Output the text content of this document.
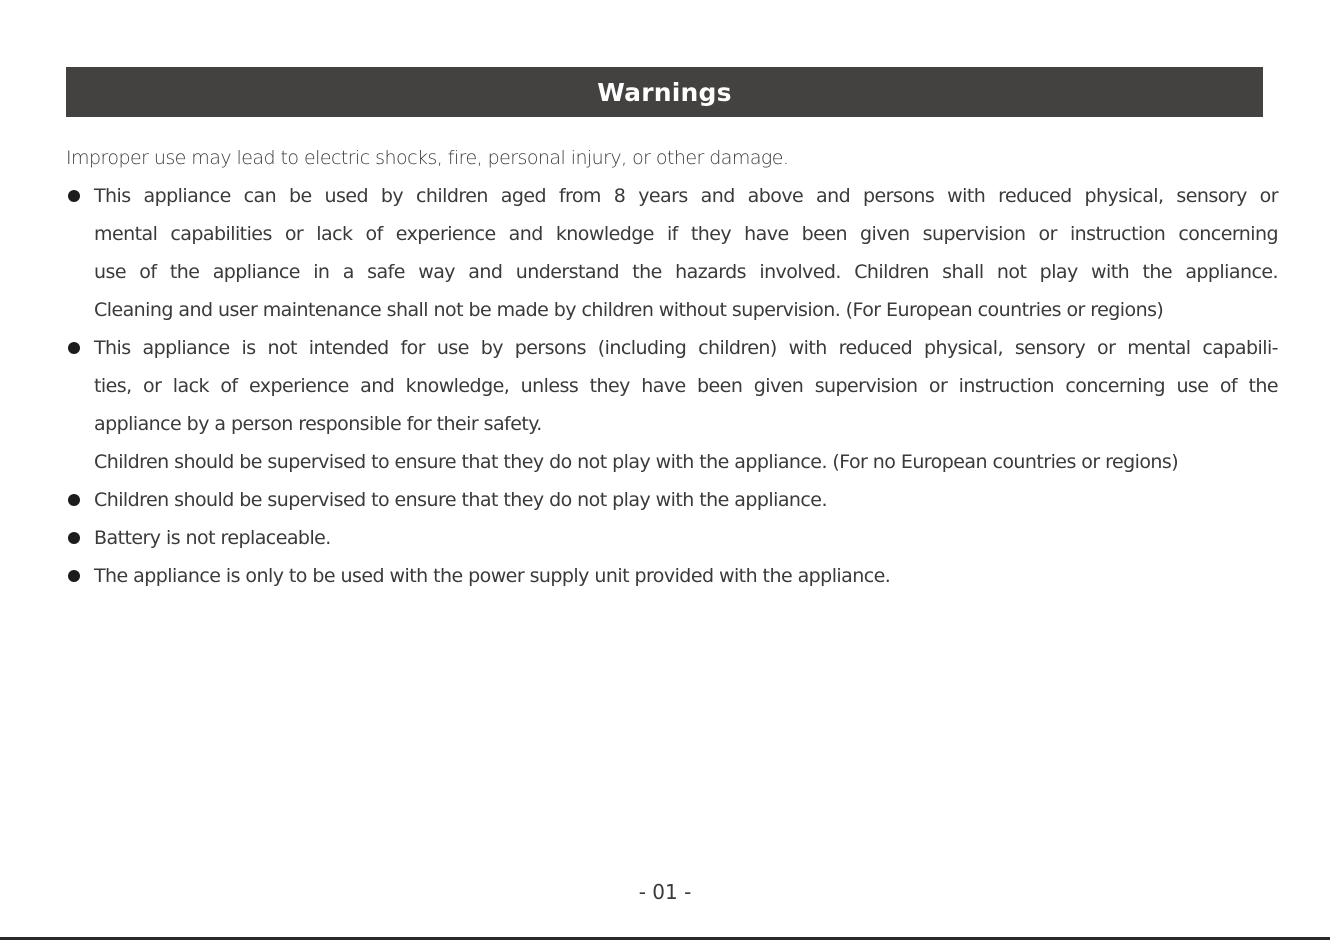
Warnings

Improper use may lead to electric shocks, fire, personal injury, or other damage.

This appliance can be used by children aged from 8 years and above and persons with reduced physical, sensory or
mental capabilities or lack of experience and knowledge if they have been given supervision or instruction concerning
use of the appliance in a safe way and understand the hazards involved. Children shall not play with the appliance.
Cleaning and user maintenance shall not be made by children without supervision. (For European countries or regions)
This appliance is not intended for use by persons (including children) with reduced physical, sensory or mental capabili-
ties, or lack of experience and knowledge, unless they have been given supervision or instruction concerning use of the
appliance by a person responsible for their safety.
Children should be supervised to ensure that they do not play with the appliance. (For no European countries or regions)
Children should be supervised to ensure that they do not play with the appliance.
Battery is not replaceable.
The appliance is only to be used with the power supply unit provided with the appliance.
- 01 -
